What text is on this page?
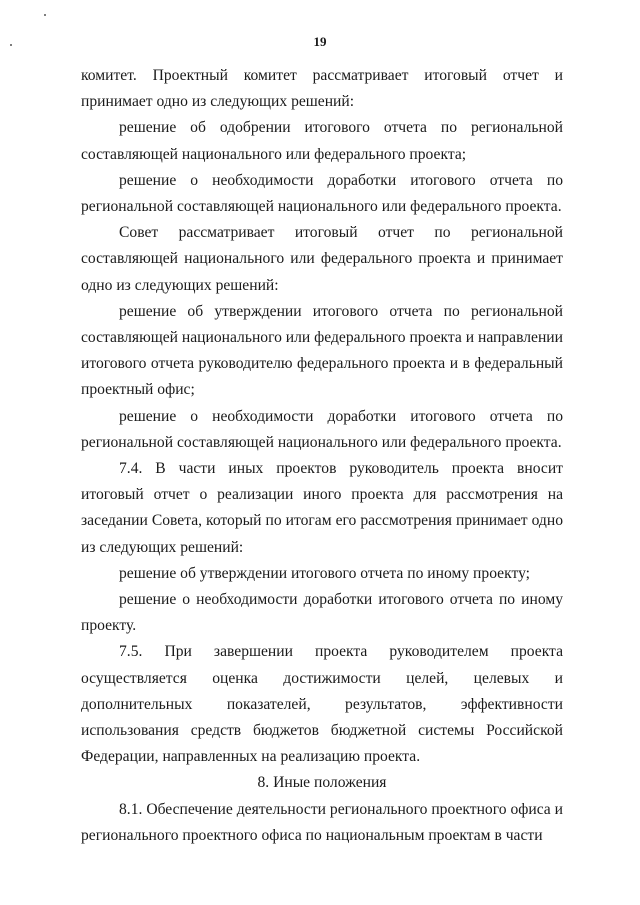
19

комитет. Проектный комитет рассматривает итоговый отчет и принимает одно из следующих решений:

решение об одобрении итогового отчета по региональной составляющей национального или федерального проекта;

решение о необходимости доработки итогового отчета по региональной составляющей национального или федерального проекта.

Совет рассматривает итоговый отчет по региональной составляющей национального или федерального проекта и принимает одно из следующих решений:

решение об утверждении итогового отчета по региональной составляющей национального или федерального проекта и направлении итогового отчета руководителю федерального проекта и в федеральный проектный офис;

решение о необходимости доработки итогового отчета по региональной составляющей национального или федерального проекта.

7.4. В части иных проектов руководитель проекта вносит итоговый отчет о реализации иного проекта для рассмотрения на заседании Совета, который по итогам его рассмотрения принимает одно из следующих решений:

решение об утверждении итогового отчета по иному проекту;

решение о необходимости доработки итогового отчета по иному проекту.

7.5. При завершении проекта руководителем проекта осуществляется оценка достижимости целей, целевых и дополнительных показателей, результатов, эффективности использования средств бюджетов бюджетной системы Российской Федерации, направленных на реализацию проекта.

8. Иные положения

8.1. Обеспечение деятельности регионального проектного офиса и регионального проектного офиса по национальным проектам в части
